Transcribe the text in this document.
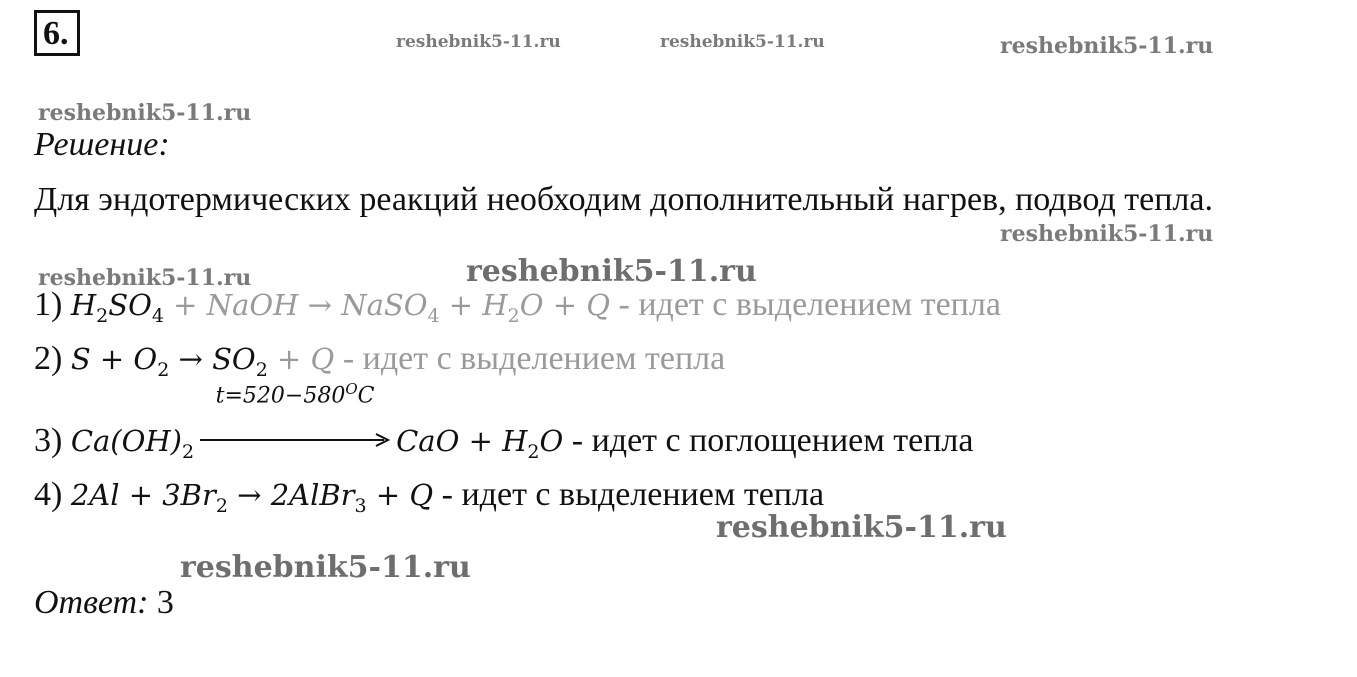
6.	reshebnik5-11.ru	reshebnik5-11.ru	reshebnik5-11.ru
reshebnik5-11.ru
reshebnik5-11.ru
reshebnik5-11.ru	reshebnik5-11.ru
reshebnik5-11.ru
reshebnik5-11.ru
Решение:
Для эндотермических реакций необходим дополнительный нагрев, подвод тепла.
1) $H_2SO_4$ + NaOH → NaSO$_4$ + $H_2O + Q$ - идет с выделением тепла
2) $S + O_2 \to SO_2 + Q$ - идет с выделением тепла
3) $Ca(OH)_2$
$t=520-580^OC$
CaO + $H_2O$ - идет с поглощением тепла
4) $2Al + 3Br_2$ → 2AlBr$_3$ + Q - идет с выделением тепла
Ответ: 3
